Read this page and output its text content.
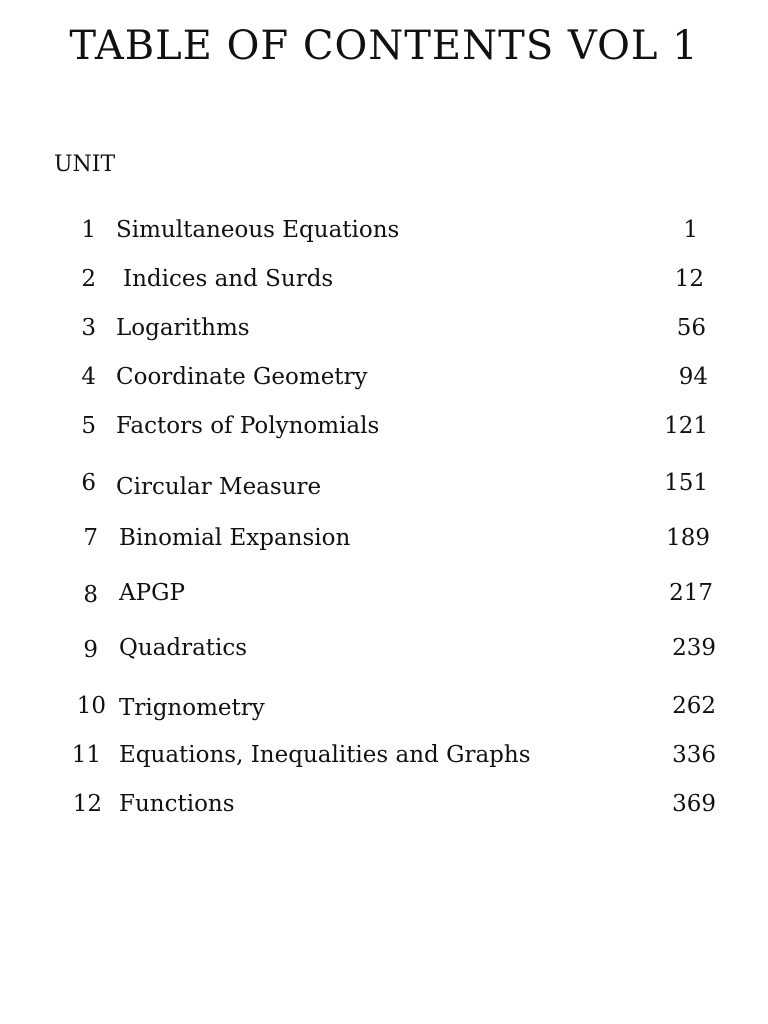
TABLE OF CONTENTS VOL 1
UNIT
1 Simultaneous Equations	1
2 Indices and Surds	12
3 Logarithms	56
4 Coordinate Geometry	94
5 Factors of Polynomials	121
6 Circular Measure	151
7 Binomial Expansion	189
8 APGP	217
9 Quadratics	239
10 Trignometry	262
11 Equations, Inequalities and Graphs	336
12 Functions	369
